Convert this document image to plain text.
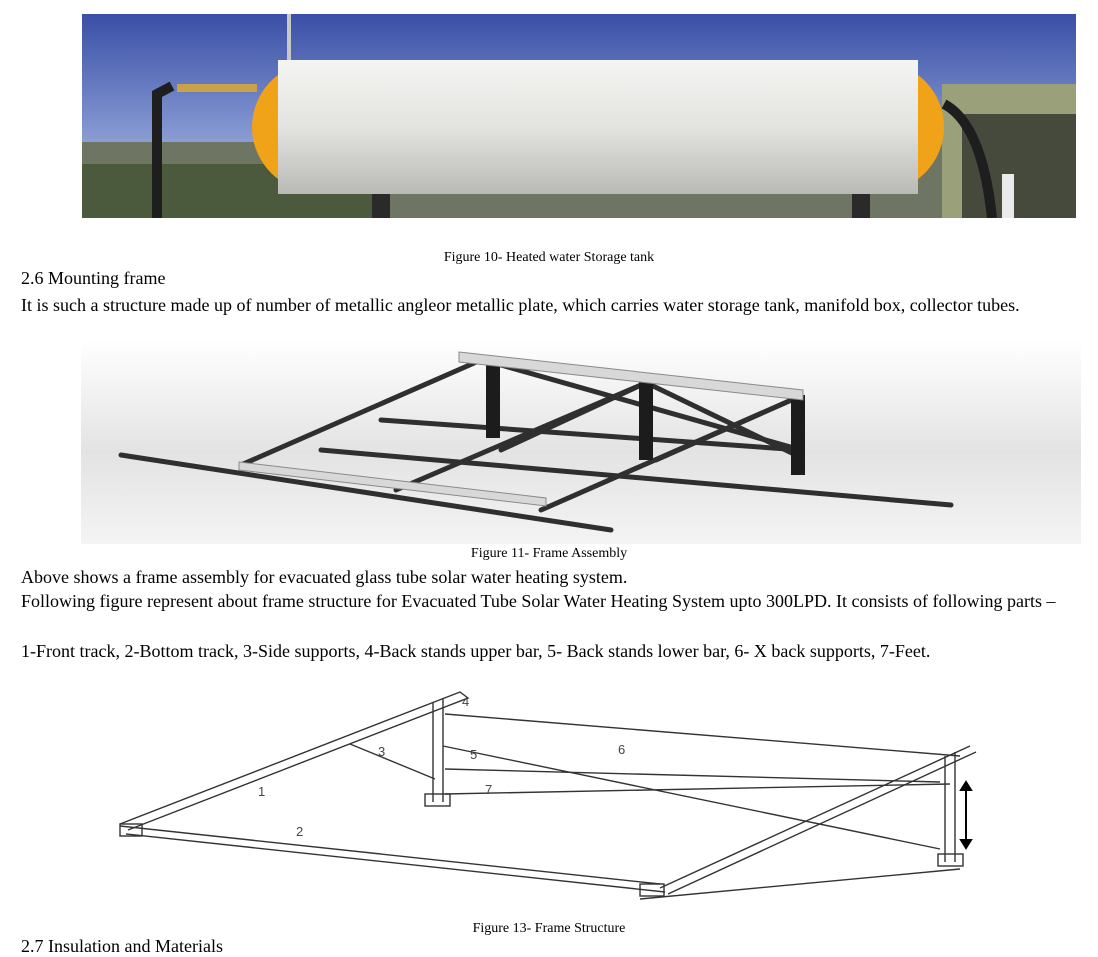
Figure 10- Heated water Storage tank
2.6 Mounting frame
It is such a structure made up of number of metallic angleor metallic plate, which carries water storage tank, manifold box, collector tubes.
Figure 11- Frame Assembly
Above shows a frame assembly for evacuated glass tube solar water heating system.
Following figure represent about frame structure for Evacuated Tube Solar Water Heating System upto 300LPD. It consists of following parts –
1-Front track, 2-Bottom track, 3-Side supports, 4-Back stands upper bar, 5- Back stands lower bar, 6- X back supports, 7-Feet.
1
2
3
4
5	6
7
Figure 13- Frame Structure
2.7 Insulation and Materials
